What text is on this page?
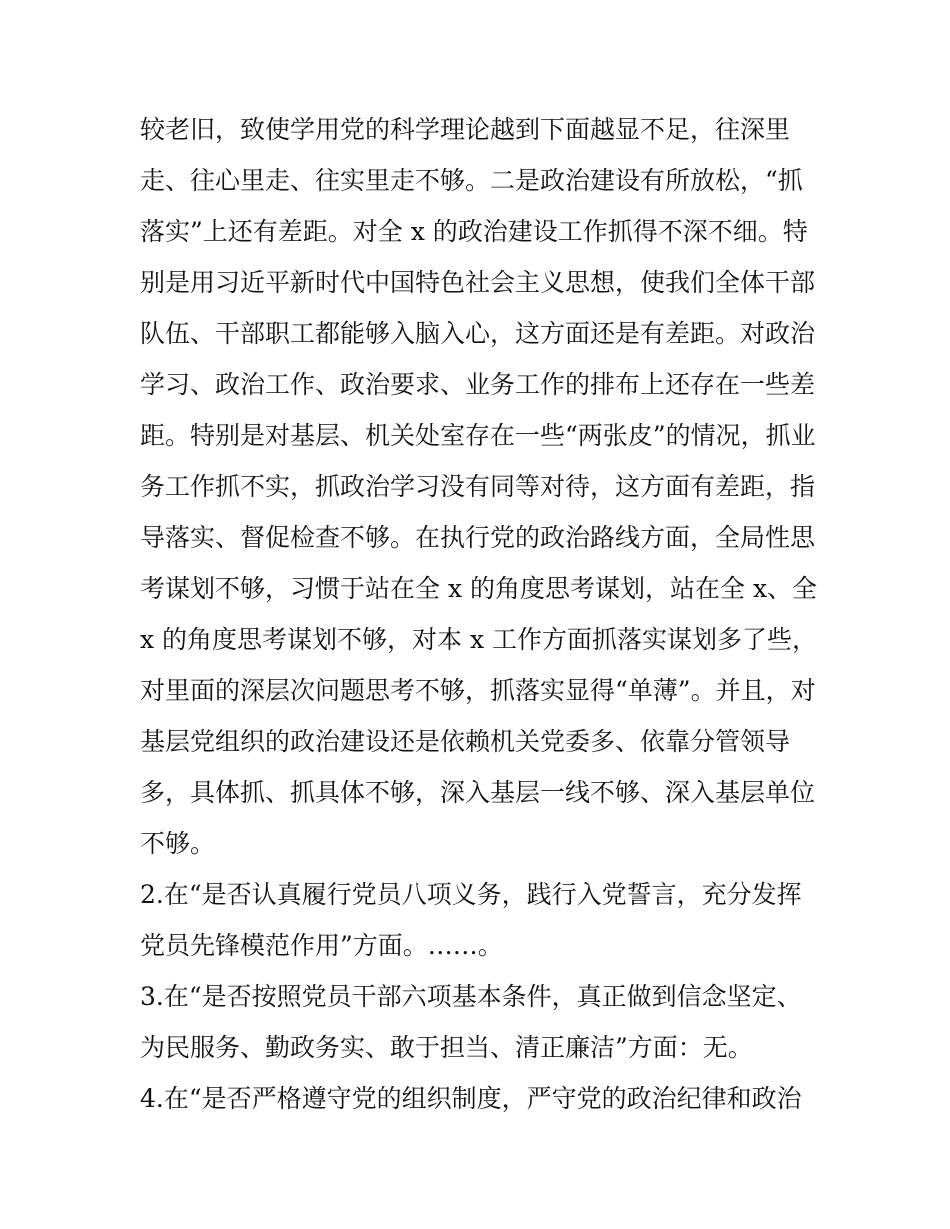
较老旧，致使学用党的科学理论越到下面越显不足，往深里
走、往心里走、往实里走不够。二是政治建设有所放松，“抓
落实”上还有差距。对全 x 的政治建设工作抓得不深不细。特
别是用习近平新时代中国特色社会主义思想，使我们全体干部
队伍、干部职工都能够入脑入心，这方面还是有差距。对政治
学习、政治工作、政治要求、业务工作的排布上还存在一些差
距。特别是对基层、机关处室存在一些“两张皮”的情况，抓业
务工作抓不实，抓政治学习没有同等对待，这方面有差距，指
导落实、督促检查不够。在执行党的政治路线方面，全局性思
考谋划不够，习惯于站在全 x 的角度思考谋划，站在全 x、全
x 的角度思考谋划不够，对本 x 工作方面抓落实谋划多了些，
对里面的深层次问题思考不够，抓落实显得“单薄”。并且，对
基层党组织的政治建设还是依赖机关党委多、依靠分管领导
多，具体抓、抓具体不够，深入基层一线不够、深入基层单位
不够。
2.在“是否认真履行党员八项义务，践行入党誓言，充分发挥
党员先锋模范作用”方面。……。
3.在“是否按照党员干部六项基本条件，真正做到信念坚定、
为民服务、勤政务实、敢于担当、清正廉洁”方面：无。
4.在“是否严格遵守党的组织制度，严守党的政治纪律和政治
